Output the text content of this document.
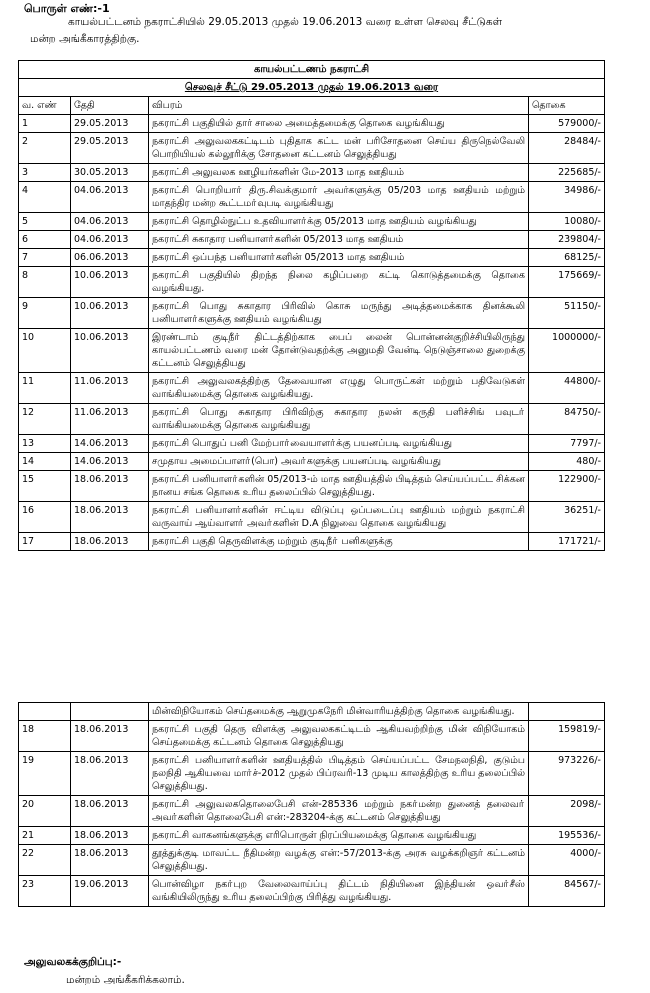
பொருள் எண்:-1
காயல்பட்டனம் நகராட்சியில் 29.05.2013 முதல் 19.06.2013 வரை உள்ள செலவு சீட்டுகள்
மன்ற அங்கீகாரத்திற்கு.
காயல்பட்டணம் நகராட்சி			
செலவுச் சீட்டு 29.05.2013 முதல் 19.06.2013 வரை			
வ. எண்	தேதி	விபரம்	தொகை
1	29.05.2013	நகராட்சி பகுதியில் தார் சாலை அமைத்தமைக்கு தொகை வழங்கியது	579000/-
2	29.05.2013	நகராட்சி அலுவலககட்டிடம் புதிதாக கட்ட மன் பரிசோதனை செய்ய திருநெல்வேலி பொறியியல் கல்லூரிக்கு சோதனை கட்டனம் செலுத்தியது	28484/-
3	30.05.2013	நகராட்சி அலுவலக ஊழியர்களின் மே-2013 மாத ஊதியம்	225685/-
4	04.06.2013	நகராட்சி பொறியாா் திரு.சிவக்குமார் அவர்களுக்கு 05/203 மாத ஊதியம் மற்றும் மாதந்திர மன்ற கூட்டமா்வுபடி வழங்கியது	34986/-
5	04.06.2013	நகராட்சி தொழில்நுட்ப உதவியாளா்க்கு 05/2013 மாத ஊதியம் வழங்கியது	10080/-
6	04.06.2013	நகராட்சி சுகாதார பனியாளா்களின் 05/2013 மாத ஊதியம்	239804/-
7	06.06.2013	நகராட்சி ஒப்பந்த பனியாளா்களின் 05/2013 மாத ஊதியம்	68125/-
8	10.06.2013	நகராட்சி பகுதியில் திறந்த நிலை கழிப்பறை கட்டி கொடுத்தமைக்கு தொகை வழங்கியது.	175669/-
9	10.06.2013	நகராட்சி பொது சுகாதார பிரிவில் கொசு மருந்து அடித்தமைக்காக தினக்கூலி பனியாளா்களுக்கு ஊதியம் வழங்கியது	51150/-
10	10.06.2013	இரண்டாம் குடிநீா் திட்டத்திற்காக பைப் லைன் பொன்னன்குறிச்சியிலிருந்து காயல்பட்டணம் வரை மன் தோன்டுவதற்க்கு அனுமதி வேன்டி நெடுஞ்சாலை துறைக்கு கட்டனம் செலுத்தியது	1000000/-
11	11.06.2013	நகராட்சி அலுவலகத்திற்கு தேவையான எழுது பொருட்கள் மற்றும் பதிவேடுகள் வாங்கியமைக்கு தொகை வழங்கியது.	44800/-
12	11.06.2013	நகராட்சி பொது சுகாதார பிரிவிற்கு சுகாதார நலன் கருதி பளிச்சிங் பவுடா் வாங்கியமைக்கு தொகை வழங்கியது	84750/-
13	14.06.2013	நகராட்சி பொதுப் பனி மேற்பாா்வையாளா்க்கு பயனப்படி வழங்கியது	7797/-
14	14.06.2013	சமுதாய அமைப்பாளா்(பொ) அவா்களுக்கு பயனப்படி வழங்கியது	480/-
15	18.06.2013	நகராட்சி பனியாளா்களின் 05/2013-ம் மாத ஊதியத்தில் பிடித்தம் செய்யப்பட்ட சிக்கன நானய சங்க தொகை உரிய தலைப்பில் செலுத்தியது.	122900/-
16	18.06.2013	நகராட்சி பனியாளா்களின் ஈட்டிய விடுப்பு ஒப்படைப்பு ஊதியம் மற்றும் நகராட்சி வருவாய் ஆய்வாளா் அவா்களின் D.A நிலுவை தொகை வழங்கியது	36251/-
17	18.06.2013	நகராட்சி பகுதி தெருவிளக்கு மற்றும் குடிநீா் பனிகளுக்கு	171721/-
		மின்விநியோகம் செய்தமைக்கு ஆறுமுகநேரி மின்வாரியத்திற்கு தொகை வழங்கியது.	
18	18.06.2013	நகராட்சி பகுதி தெரு விளக்கு அலுவலககட்டிடம் ஆகியவற்றிற்கு மின் விநியோகம் செய்தமைக்கு கட்டனம் தொகை செலுத்தியது	159819/-
19	18.06.2013	நகராட்சி பனியாளா்களின் ஊதியத்தில் பிடித்தம் செய்யப்பட்ட சேமநலநிதி, குடும்ப நலநிதி ஆகியவை மாா்ச்-2012 முதல் பிப்ரவரி-13 முடிய காலத்திற்கு உரிய தலைப்பில் செலுத்தியது.	973226/-
20	18.06.2013	நகராட்சி அலுவலகதொலைபேசி என்-285336 மற்றும் நகா்மன்ற துனைத் தலைவா் அவா்களின் தொலைபேசி என்:-283204-க்கு கட்டனம் செலுத்தியது	2098/-
21	18.06.2013	நகராட்சி வாகனங்களுக்கு எரிபொருள் நிரப்பியமைக்கு தொகை வழங்கியது	195536/-
22	18.06.2013	தூத்துக்குடி மாவட்ட நீதிமன்ற வழக்கு என்:-57/2013-க்கு அரசு வழக்கறிஞர் கட்டனம் செலுத்தியது.	4000/-
23	19.06.2013	பொன்விழா நகா்புற வேலைவாய்ப்பு திட்டம் நிதியினை இந்தியன் ஒவா்சீஸ் வங்கியிலிருந்து உரிய தலைப்பிற்கு பிரித்து வழங்கியது.	84567/-
அலுவலகக்குறிப்பு:-
மன்றம் அங்கீகரிக்கலாம்.
